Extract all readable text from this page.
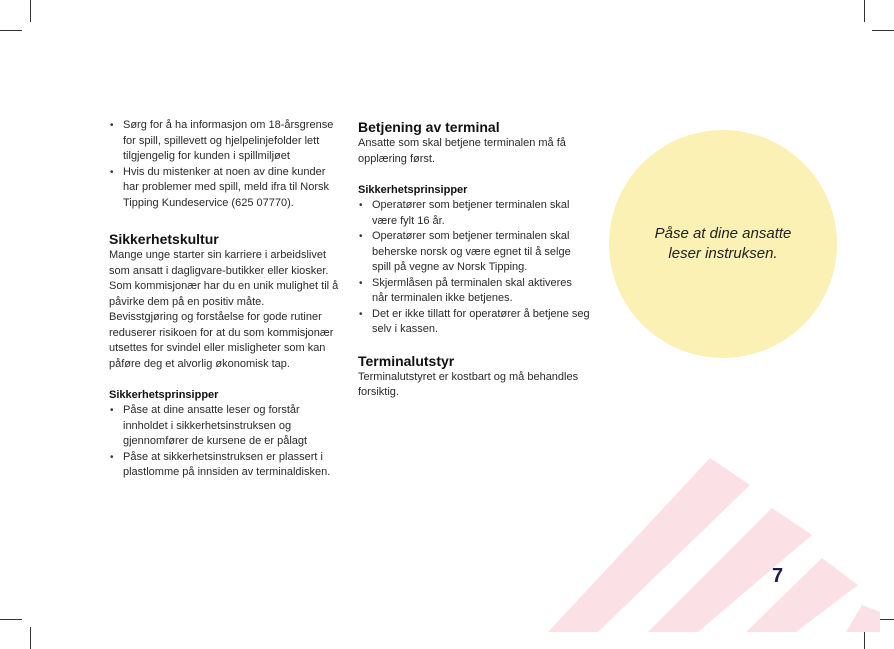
• Sørg for å ha informasjon om 18-årsgrense for spill, spillevett og hjelpelinjefolder lett tilgjengelig for kunden i spillmiljøet
• Hvis du mistenker at noen av dine kunder har problemer med spill, meld ifra til Norsk Tipping Kundeservice (625 07770).
Sikkerhetskultur

Mange unge starter sin karriere i arbeidslivet som ansatt i dagligvare-butikker eller kiosker. Som kommisjonær har du en unik mulighet til å påvirke dem på en positiv måte.

Bevisstgjøring og forståelse for gode rutiner reduserer risikoen for at du som kommisjonær utsettes for svindel eller misligheter som kan påføre deg et alvorlig økonomisk tap.

Sikkerhetsprinsipper
• Påse at dine ansatte leser og forstår innholdet i sikkerhetsinstruksen og gjennomfører de kursene de er pålagt
• Påse at sikkerhetsinstruksen er plassert i plastlomme på innsiden av terminaldisken.
Betjening av terminal

Ansatte som skal betjene terminalen må få opplæring først.

Sikkerhetsprinsipper
• Operatører som betjener terminalen skal være fylt 16 år.
• Operatører som betjener terminalen skal beherske norsk og være egnet til å selge spill på vegne av Norsk Tipping.
• Skjermlåsen på terminalen skal aktiveres når terminalen ikke betjenes.
• Det er ikke tillatt for operatører å betjene seg selv i kassen.
Terminalutstyr

Terminalutstyret er kostbart og må behandles forsiktig.

Påse at dine ansatte leser instruksen.
7
